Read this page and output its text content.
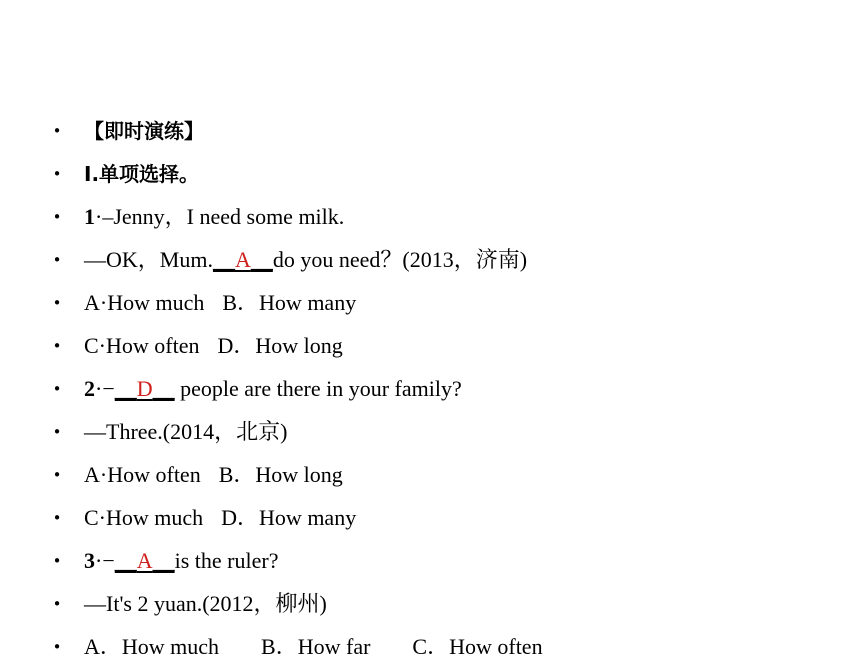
• 【即时演练】
• Ⅰ.单项选择。
• 1·–Jenny，I need some milk.
• —OK，Mum.__A__do you need？(2013，济南)
• A·How much B．How many
• C·How often D．How long
• 2·−__D__ people are there in your family?
• —Three.(2014，北京)
• A·How often B．How long
• C·How much D．How many
• 3·−__A__is the ruler?
• —It's 2 yuan.(2012，柳州)
• A．How much B．How far C．How often
